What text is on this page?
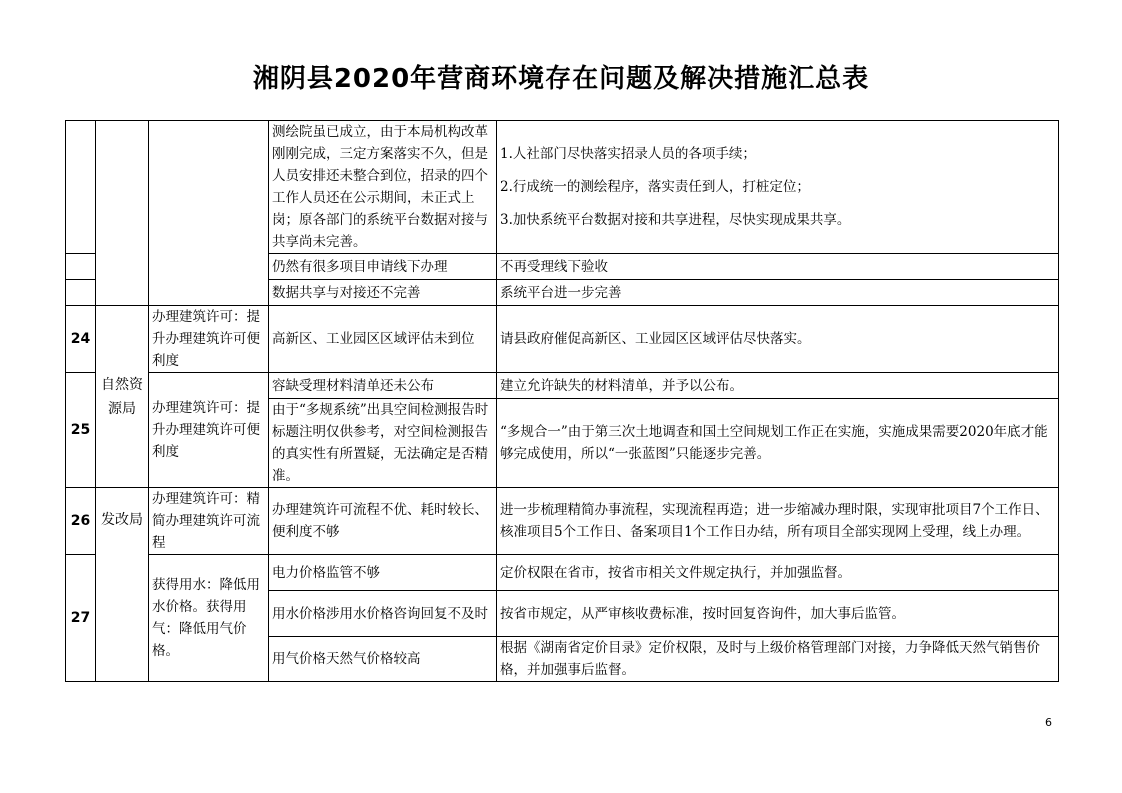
湘阴县2020年营商环境存在问题及解决措施汇总表
			测绘院虽已成立，由于本局机构改革刚刚完成，三定方案落实不久，但是人员安排还未整合到位，招录的四个工作人员还在公示期间，未正式上岗；原各部门的系统平台数据对接与共享尚未完善。	1.人社部门尽快落实招录人员的各项手续；

2.行成统一的测绘程序，落实责任到人，打桩定位；

3.加快系统平台数据对接和共享进程，尽快实现成果共享。

			仍然有很多项目申请线下办理	不再受理线下验收
			数据共享与对接还不完善	系统平台进一步完善
24	自然资源局	办理建筑许可：提升办理建筑许可便利度	高新区、工业园区区域评估未到位	请县政府催促高新区、工业园区区域评估尽快落实。
25		办理建筑许可：提升办理建筑许可便利度	容缺受理材料清单还未公布	建立允许缺失的材料清单，并予以公布。
			由于“多规系统”出具空间检测报告时标题注明仅供参考，对空间检测报告的真实性有所置疑，无法确定是否精准。	“多规合一”由于第三次土地调查和国土空间规划工作正在实施，实施成果需要2020年底才能够完成使用，所以“一张蓝图”只能逐步完善。
26	发改局	办理建筑许可：精简办理建筑许可流程	办理建筑许可流程不优、耗时较长、便利度不够	进一步梳理精简办事流程，实现流程再造；进一步缩减办理时限，实现审批项目7个工作日、核准项目5个工作日、备案项目1个工作日办结，所有项目全部实现网上受理，线上办理。
27		获得用水：降低用水价格。获得用气：降低用气价格。	电力价格监管不够	定价权限在省市，按省市相关文件规定执行，并加强监督。
			用水价格涉用水价格咨询回复不及时	按省市规定，从严审核收费标准，按时回复咨询件，加大事后监管。
			用气价格天然气价格较高	根据《湖南省定价目录》定价权限，及时与上级价格管理部门对接，力争降低天然气销售价格，并加强事后监督。
6
